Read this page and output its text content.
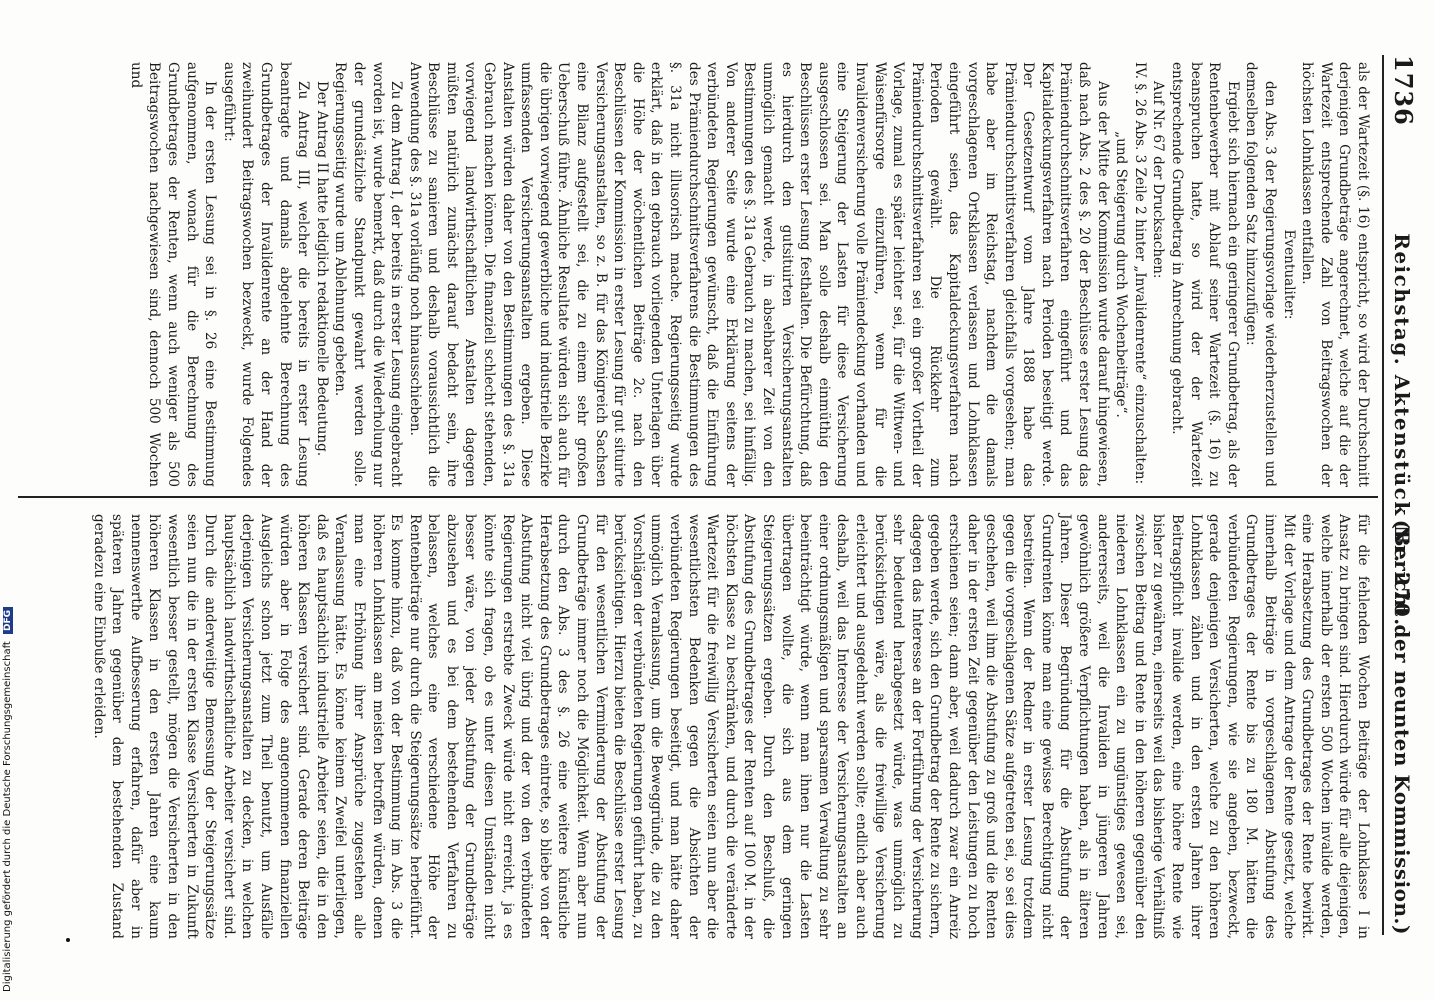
1736
Reichstag. Aktenstück Nr. 270.
(Bericht der neunten Kommission.)

als der Wartezeit (§. 16) entspricht, so wird der Durchschnitt derjenigen Grundbeträge angerechnet, welche auf die der Wartezeit entsprechende Zahl von Beitragswochen der höchsten Lohnklassen entfallen.

Eventualiter:

den Abs. 3 der Regierungsvorlage wiederherzustellen und demselben folgenden Satz hinzuzufügen:

Ergiebt sich hiernach ein geringerer Grundbetrag, als der Rentenbewerber mit Ablauf seiner Wartezeit (§. 16) zu beanspruchen hatte, so wird der der Wartezeit entsprechende Grundbetrag in Anrechnung gebracht.

Auf Nr. 67 der Drucksachen:

IV. §. 26 Abs. 3 Zeile 2 hinter „Invalidenrente“ einzuschalten:

„und Steigerung durch Wochenbeiträge“.

Aus der Mitte der Kommission wurde darauf hingewiesen, daß nach Abs. 2 des §. 20 der Beschlüsse erster Lesung das Prämiendurchschnittsverfahren eingeführt und das Kapitaldeckungsverfahren nach Perioden beseitigt werde. Der Gesetzentwurf vom Jahre 1888 habe das Prämiendurchschnittsverfahren gleichfalls vorgesehen; man habe aber im Reichstag, nachdem die damals vorgeschlagenen Ortsklassen verlassen und Lohnklassen eingeführt seien, das Kapitaldeckungsverfahren nach Perioden gewählt. Die Rückkehr zum Prämiendurchschnittsverfahren sei ein großer Vortheil der Vorlage, zumal es später leichter sei, für die Wittwen- und Waisenfürsorge einzuführen, wenn für die Invalidenversicherung volle Prämiendeckung vorhanden und eine Steigerung der Lasten für diese Versicherung ausgeschlossen sei. Man solle deshalb einmüthig den Beschlüssen erster Lesung festhalten. Die Befürchtung, daß es hierdurch den gutsituirten Versicherungsanstalten unmöglich gemacht werde, in absehbarer Zeit von den Bestimmungen des §. 31a Gebrauch zu machen, sei hinfällig. Von anderer Seite wurde eine Erklärung seitens der verbündeten Regierungen gewünscht, daß die Einführung des Prämiendurchschnittsverfahrens die Bestimmungen des §. 31a nicht illusorisch mache. Regierungsseitig wurde erklärt, daß in den gebrauch vorliegenden Unterlagen über die Höhe der wöchentlichen Beiträge 2c. nach den Beschlüssen der Kommission in erster Lesung für gut situirte Versicherungsanstalten, so z. B. für das Königreich Sachsen eine Bilanz aufgestellt sei, die zu einem sehr großen Ueberschuß führe. Ähnliche Resultate würden sich auch für die übrigen vorwiegend gewerbliche und industrielle Bezirke umfassenden Versicherungsanstalten ergeben. Diese Anstalten würden daher von den Bestimmungen des §. 31a Gebrauch machen können. Die finanziell schlecht stehenden, vorwiegend landwirthschaftlichen Anstalten dagegen müßten natürlich zunächst darauf bedacht sein, ihre Beschlüsse zu sanieren und deshalb voraussichtlich die Anwendung des §. 31a vorläufig noch hinausschieben.

Zu dem Antrag I, der bereits in erster Lesung eingebracht worden ist, wurde bemerkt, daß durch die Wiederholung nur der grundsätzliche Standpunkt gewahrt werden solle. Regierungsseitig wurde um Ablehnung gebeten.

Der Antrag II hatte lediglich redaktionelle Bedeutung.

Zu Antrag III, welcher die bereits in erster Lesung beantragte und damals abgelehnte Berechnung des Grundbetrages der Invalidenrente an der Hand der zweihundert Beitragswochen bezweckt, wurde Folgendes ausgeführt:

In der ersten Lesung sei in §. 26 eine Bestimmung aufgenommen, wonach für die Berechnung des Grundbetrages der Renten, wenn auch weniger als 500 Beitragswochen nachgewiesen sind, dennoch 500 Wochen und

für die fehlenden Wochen Beiträge der Lohnklasse I in Ansatz zu bringen sind. Hierdurch würde für alle diejenigen, welche innerhalb der ersten 500 Wochen invalide werden, eine Herabsetzung des Grundbetrages der Rente bewirkt. Mit der Vorlage und dem Antrage der Rente gesetzt, welche innerhalb Beiträge in vorgeschlagenen Abstufung des Grundbetrages der Rente bis zu 180 M. hätten die verbündeten Regierungen, wie sie angeben, bezweckt, gerade denjenigen Versicherten, welche zu den höheren Lohnklassen zählen und in den ersten Jahren ihrer Beitragspflicht invalide werden, eine höhere Rente wie bisher zu gewähren, einerseits weil das bisherige Verhältniß zwischen Beitrag und Rente in den höheren gegenüber den niederen Lohnklassen ein zu ungünstiges gewesen sei, andererseits, weil die Invaliden in jüngeren Jahren gewöhnlich größere Verpflichtungen haben, als in älteren Jahren. Dieser Begründung für die Abstufung der Grundrenten könne man eine gewisse Berechtigung nicht bestreiten. Wenn der Redner in erster Lesung trotzdem gegen die vorgeschlagenen Sätze aufgetreten sei, so sei dies geschehen, weil ihm die Abstufung zu groß und die Renten daher in der ersten Zeit gegenüber den Leistungen zu hoch erschienen seien; dann aber, weil dadurch zwar ein Anreiz gegeben werde, sich den Grundbetrag der Rente zu sichern, dagegen das Interesse an der Fortführung der Versicherung sehr bedeutend herabgesetzt würde, was unmöglich zu berücksichtigen wäre, als die freiwillige Versicherung erleichtert und ausgedehnt werden sollte; endlich aber auch deshalb, weil das Interesse der Versicherungsanstalten an einer ordnungsmäßigen und sparsamen Verwaltung zu sehr beeinträchtigt würde, wenn man ihnen nur die Lasten übertragen wollte, die sich aus dem geringen Steigerungssätzen ergeben. Durch den Beschluß, die Abstufung des Grundbetrages der Renten auf 100 M. in der höchsten Klasse zu beschränken, und durch die veränderte Wartezeit für die freiwillig Versicherten seien nun aber die wesentlichsten Bedenken gegen die Absichten der verbündeten Regierungen beseitigt, und man hätte daher unmöglich Veranlassung, um die Beweggründe, die zu den Vorschlägen der verbündeten Regierungen geführt haben, zu berücksichtigen. Hierzu bieten die Beschlüsse erster Lesung für den wesentlichen Verminderung der Abstufung der Grundbeträge immer noch die Möglichkeit. Wenn aber nun durch den Abs. 3 des §. 26 eine weitere künstliche Herabsetzung des Grundbetrages eintrete, so bliebe von der Abstufung nicht viel übrig und der von den verbündeten Regierungen erstrebte Zweck würde nicht erreicht, ja es könnte sich fragen, ob es unter diesen Umständen nicht besser wäre, von jeder Abstufung der Grundbeträge abzusehen und es bei dem bestehenden Verfahren zu belassen, welches eine verschiedene Höhe der Rentenbeiträge nur durch die Steigerungssätze herbeiführt. Es komme hinzu, daß von der Bestimmung im Abs. 3 die höheren Lohnklassen am meisten betroffen würden, denen man eine Erhöhung ihrer Ansprüche zugestehen alle Veranlassung hätte. Es könne keinem Zweifel unterliegen, daß es hauptsächlich industrielle Arbeiter seien, die in den höheren Klassen versichert sind. Gerade deren Beiträge würden aber in Folge des angenommenen finanziellen Ausgleichs schon jetzt zum Theil benutzt, um Ausfälle derjenigen Versicherungsanstalten zu decken, in welchen hauptsächlich landwirthschaftliche Arbeiter versichert sind. Durch die anderweitige Bemessung der Steigerungssätze seien nun die in der ersten Klasse Versicherten in Zukunft wesentlich besser gestellt, mögen die Versicherten in den höheren Klassen in den ersten Jahren eine kaum nennenswerthe Aufbesserung erfahren, dafür aber in späteren Jahren gegenüber dem bestehenden Zustand geradezu eine Einbuße erleiden.

Digitalisierung gefördert durch die Deutsche Forschungsgemeinschaft DFG
